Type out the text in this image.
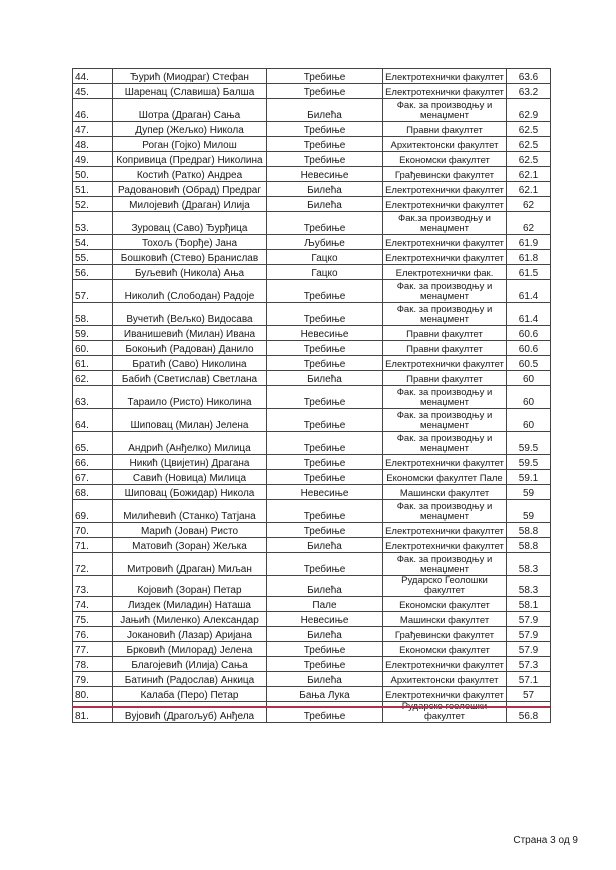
44.	Ђурић (Миодраг) Стефан	Требиње	Електротехнички факултет	63.6
45.	Шаренац (Славиша) Балша	Требиње	Електротехнички факултет	63.2
46.	Шотра (Драган) Сања	Билећа	Фак. за производњу и менаџмент	62.9
47.	Дупер (Жељко) Никола	Требиње	Правни факултет	62.5
48.	Роган (Гојко) Милош	Требиње	Архитектонски факултет	62.5
49.	Копривица (Предраг) Николина	Требиње	Економски факултет	62.5
50.	Костић (Ратко) Андреа	Невесиње	Грађевински факултет	62.1
51.	Радовановић (Обрад) Предраг	Билећа	Електротехнички факултет	62.1
52.	Милојевић (Драган) Илија	Билећа	Електротехнички факултет	62
53.	Зуровац (Саво) Ђурђица	Требиње	Фак.за производњу и менаџмент	62
54.	Тохољ (Ђорђе) Јана	Љубиње	Електротехнички факултет	61.9
55.	Бошковић (Стево) Бранислав	Гацко	Електротехнички факултет	61.8
56.	Буљевић (Никола) Ања	Гацко	Електротехнички фак.	61.5
57.	Николић (Слободан) Радоје	Требиње	Фак. за производњу и менаџмент	61.4
58.	Вучетић (Вељко) Видосава	Требиње	Фак. за производњу и менаџмент	61.4
59.	Иванишевић (Милан) Ивана	Невесиње	Правни факултет	60.6
60.	Бокоњић (Радован) Данило	Требиње	Правни факултет	60.6
61.	Братић (Саво) Николина	Требиње	Електротехнички факултет	60.5
62.	Бабић (Светислав) Светлана	Билећа	Правни факултет	60
63.	Тараило (Ристо) Николина	Требиње	Фак. за производњу и менаџмент	60
64.	Шиповац (Милан) Јелена	Требиње	Фак. за производњу и менаџмент	60
65.	Андрић (Анђелко) Милица	Требиње	Фак. за производњу и менаџмент	59.5
66.	Никић (Цвијетин) Драгана	Требиње	Електротехнички факултет	59.5
67.	Савић (Новица) Милица	Требиње	Економски факултет Пале	59.1
68.	Шиповац (Божидар) Никола	Невесиње	Машински факултет	59
69.	Милићевић (Станко) Татјана	Требиње	Фак. за производњу и менаџмент	59
70.	Марић (Јован) Ристо	Требиње	Електротехнички факултет	58.8
71.	Матовић (Зоран) Жељка	Билећа	Електротехнички факултет	58.8
72.	Митровић (Драган) Миљан	Требиње	Фак. за производњу и менаџмент	58.3
73.	Којовић (Зоран) Петар	Билећа	Рударско Геолошки факултет	58.3
74.	Лиздек (Миладин) Наташа	Пале	Економски факултет	58.1
75.	Јањић (Миленко) Александар	Невесиње	Машински факултет	57.9
76.	Јокановић (Лазар) Аријана	Билећа	Грађевински факултет	57.9
77.	Брковић (Милорад) Јелена	Требиње	Економски факултет	57.9
78.	Благојевић (Илија) Сања	Требиње	Електротехнички факултет	57.3
79.	Батинић (Радослав) Анкица	Билећа	Архитектонски факултет	57.1
80.	Калаба (Перо) Петар	Бања Лука	Електротехнички факултет	57
81.	Вујовић (Драгољуб) Анђела	Требиње	факултет	56.8
Страна 3 од 9
